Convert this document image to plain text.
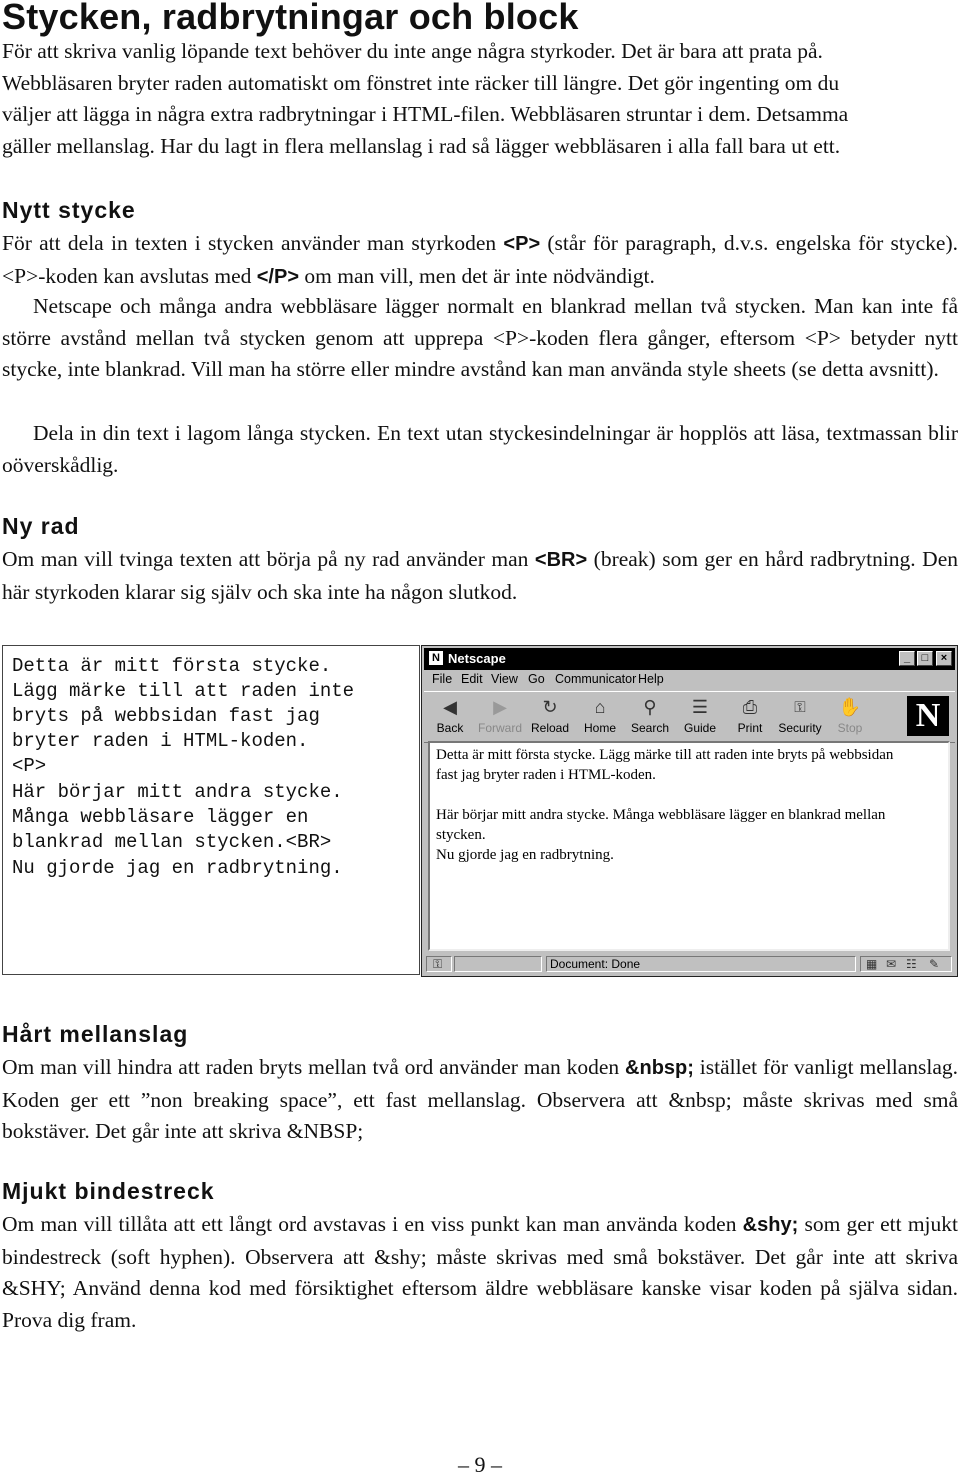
Stycken, radbrytningar och block
För att skriva vanlig löpande text behöver du inte ange några styrkoder. Det är bara att prata på.
Webbläsaren bryter raden automatiskt om fönstret inte räcker till längre. Det gör ingenting om du
väljer att lägga in några extra radbrytningar i HTML-filen. Webbläsaren struntar i dem. Detsamma
gäller mellanslag. Har du lagt in flera mellanslag i rad så lägger webbläsaren i alla fall bara ut ett.
Nytt stycke
För att dela in texten i stycken använder man styrkoden <P> (står för paragraph, d.v.s. engelska för stycke). <P>-koden kan avslutas med </P> om man vill, men det är inte nödvändigt.
Netscape och många andra webbläsare lägger normalt en blankrad mellan två stycken. Man kan inte få större avstånd mellan två stycken genom att upprepa <P>-koden flera gånger, eftersom <P> betyder nytt stycke, inte blankrad. Vill man ha större eller mindre avstånd kan man använda style sheets (se detta avsnitt).
Dela in din text i lagom långa stycken. En text utan styckesindelningar är hopplös att läsa, textmassan blir oöverskådlig.
Ny rad
Om man vill tvinga texten att börja på ny rad använder man <BR> (break) som ger en hård radbrytning. Den här styrkoden klarar sig själv och ska inte ha någon slutkod.
Detta är mitt första stycke.
Lägg märke till att raden inte
bryts på webbsidan fast jag
bryter raden i HTML-koden.
<P>
Här börjar mitt andra stycke.
Många webbläsare lägger en
blankrad mellan stycken.<BR>
Nu gjorde jag en radbrytning.
N Netscape	_	□	×
File Edit View Go Communicator Help
◀
Back
▶
Forward
↻
Reload
⌂
Home
⚲
Search
☰
Guide
⎙
Print
⚿
Security
✋
Stop	N
Detta är mitt första stycke. Lägg märke till att raden inte bryts på webbsidan
fast jag bryter raden i HTML-koden.
Här börjar mitt andra stycke. Många webbläsare lägger en blankrad mellan
stycken.
Nu gjorde jag en radbrytning.
⚿	Document: Done	▦ ✉ ☷ ✎
Hårt mellanslag
Om man vill hindra att raden bryts mellan två ord använder man koden &nbsp; istället för vanligt mellanslag. Koden ger ett ”non breaking space”, ett fast mellanslag. Observera att &nbsp; måste skrivas med små bokstäver. Det går inte att skriva &NBSP;
Mjukt bindestreck
Om man vill tillåta att ett långt ord avstavas i en viss punkt kan man använda koden &shy; som ger ett mjukt bindestreck (soft hyphen). Observera att &shy; måste skrivas med små bokstäver. Det går inte att skriva &SHY; Använd denna kod med försiktighet eftersom äldre webbläsare kanske visar koden på själva sidan. Prova dig fram.
– 9 –
